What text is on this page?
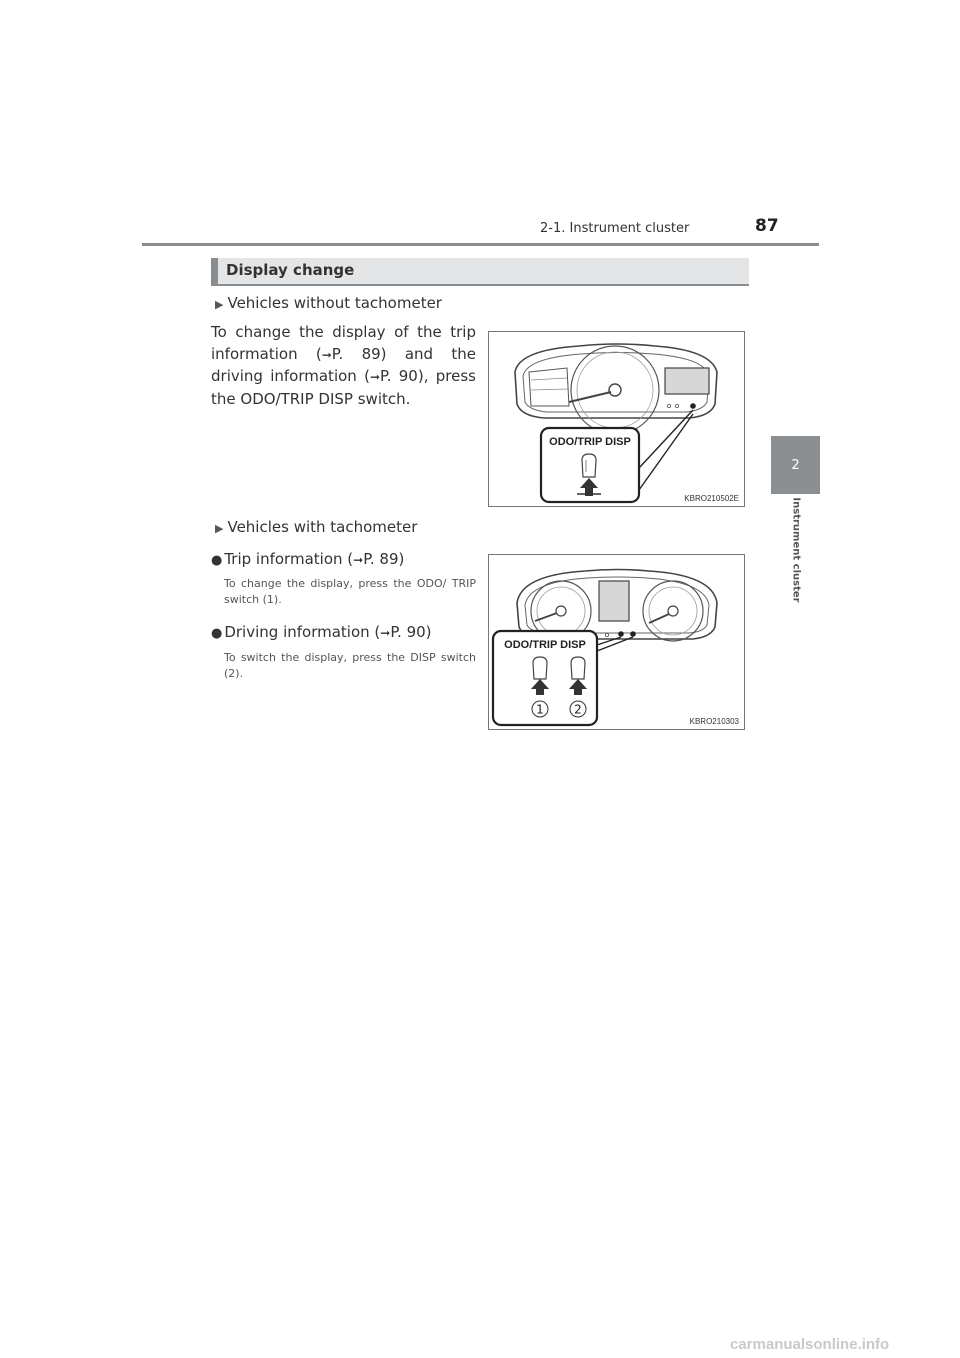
2-1. Instrument cluster	87
2
Instrument cluster
Display change
▶ Vehicles without tachometer
To change the display of the trip information (➞P. 89) and the driving information (➞P. 90), press the ODO/TRIP DISP switch.
ODO/TRIP DISP
KBRO210502E
▶ Vehicles with tachometer
● Trip information (➞P. 89)
To change the display, press the ODO/ TRIP switch (1).
● Driving information (➞P. 90)
To switch the display, press the DISP switch (2).
ODO/TRIP DISP
1	2
KBRO210303
carmanualsonline.info
